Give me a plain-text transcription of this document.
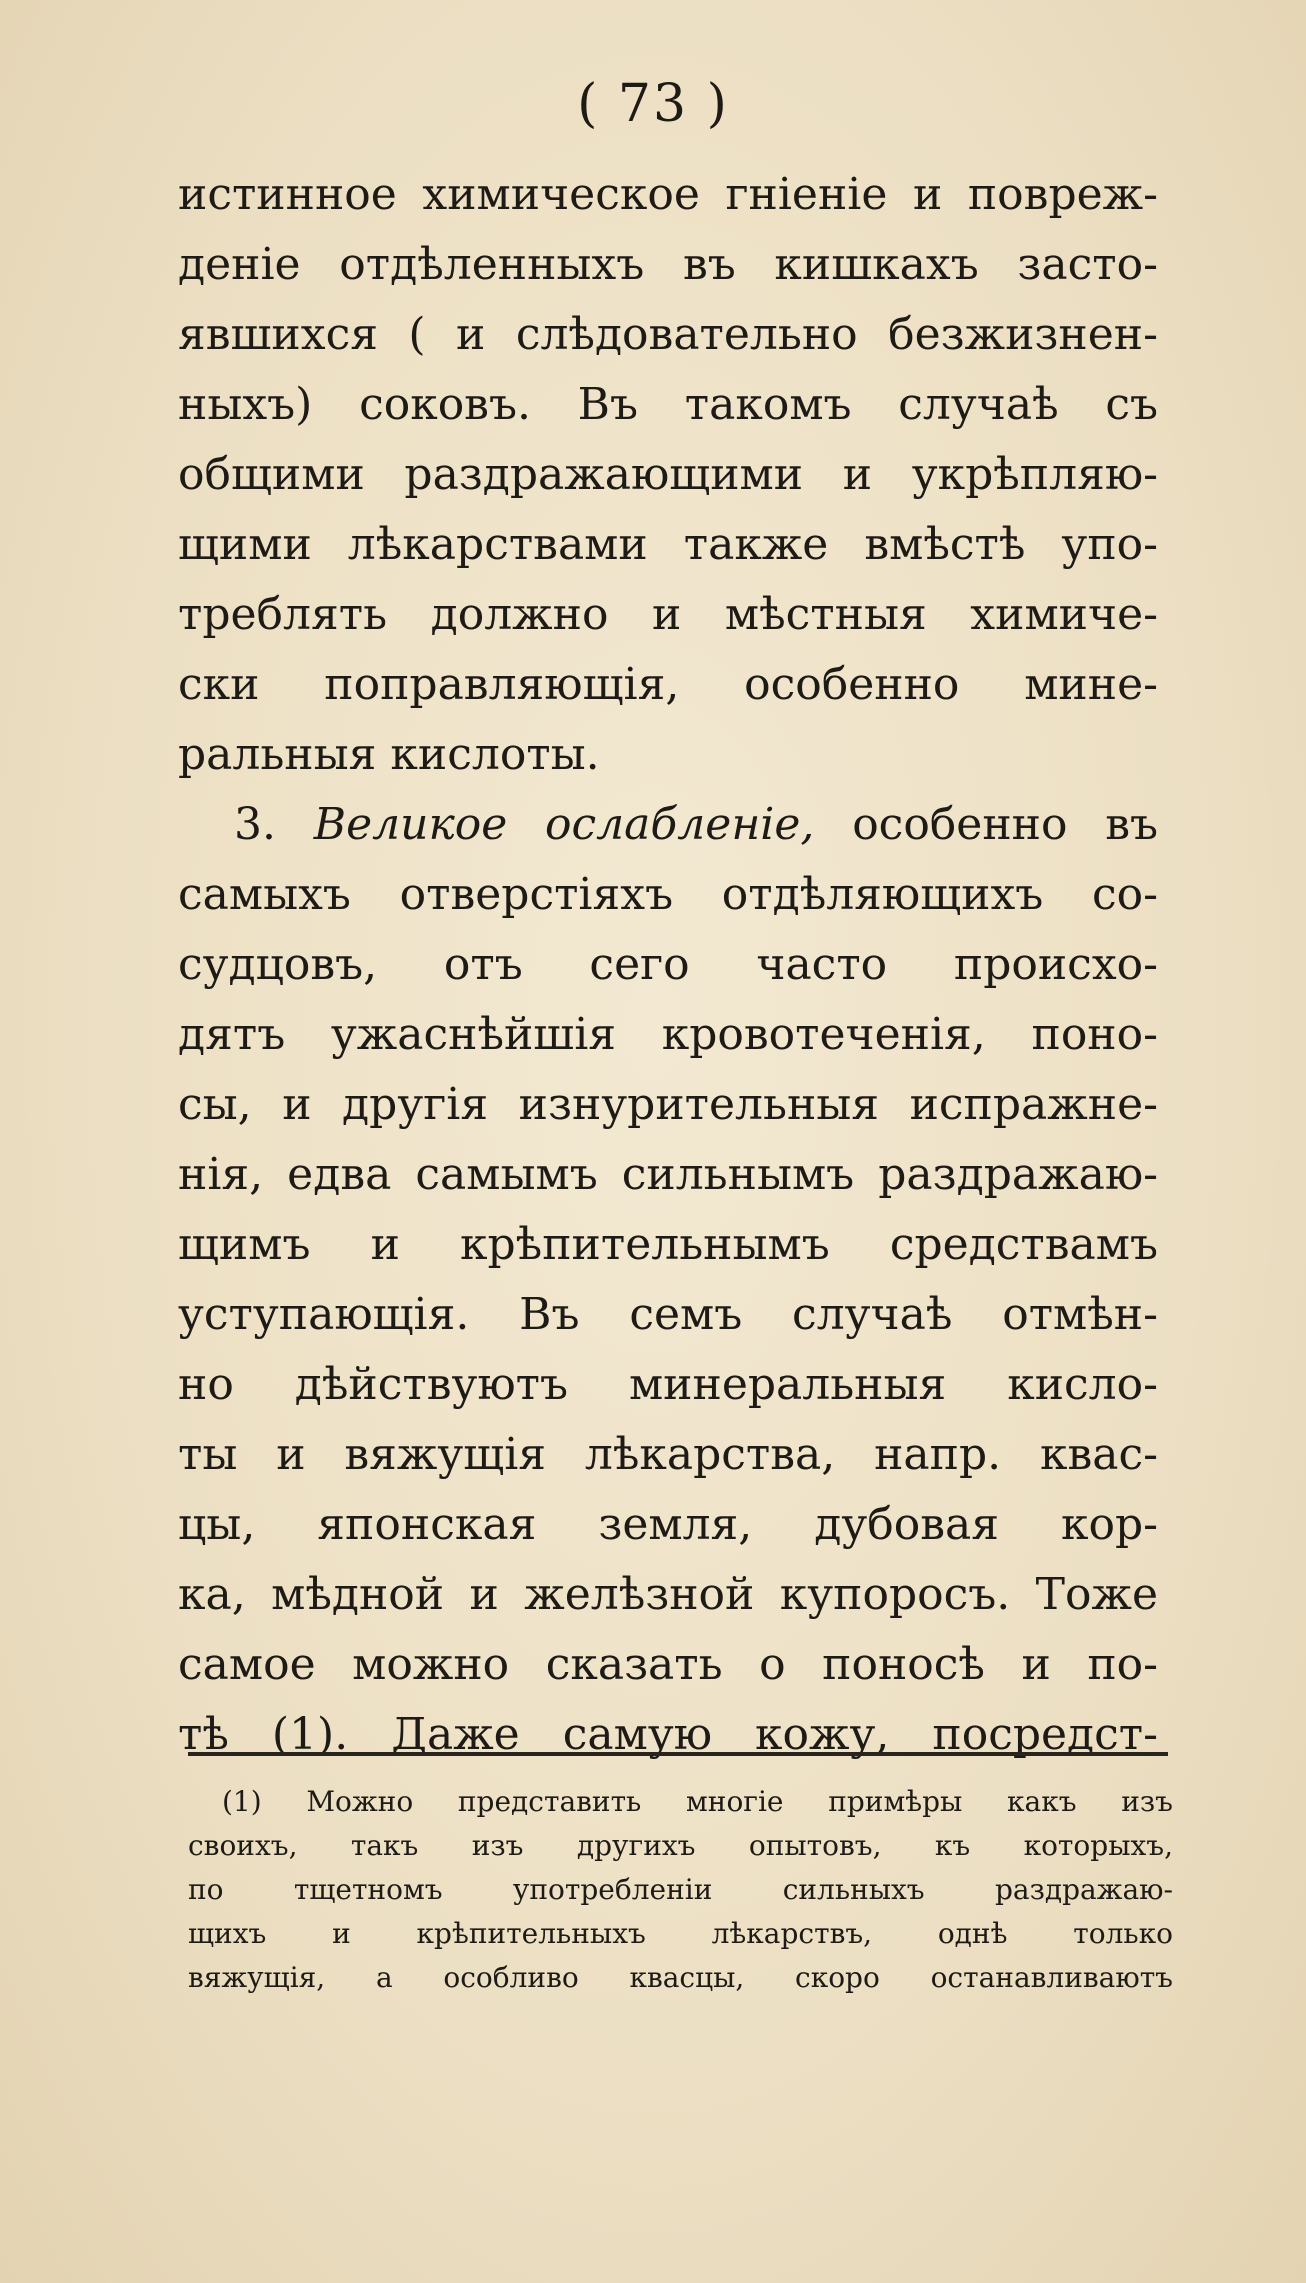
( 73 )
истинное химическое гніеніе и повреж-
деніе отдѣленныхъ въ кишкахъ засто-
явшихся ( и слѣдовательно безжизнен-
ныхъ) соковъ. Въ такомъ случаѣ съ
общими раздражающими и укрѣпляю-
щими лѣкарствами также вмѣстѣ упо-
треблять должно и мѣстныя химиче-
ски поправляющія, особенно мине-
ральныя кислоты.
3. Великое ослабленіе, особенно въ
самыхъ отверстіяхъ отдѣляющихъ со-
судцовъ, отъ сего часто происхо-
дятъ ужаснѣйшія кровотеченія, поно-
сы, и другія изнурительныя испражне-
нія, едва самымъ сильнымъ раздражаю-
щимъ и крѣпительнымъ средствамъ
уступающія. Въ семъ случаѣ отмѣн-
но дѣйствуютъ минеральныя кисло-
ты и вяжущія лѣкарства, напр. квас-
цы, японская земля, дубовая кор-
ка, мѣдной и желѣзной купоросъ. Тоже
самое можно сказать о поносѣ и по-
тѣ (1). Даже самую кожу, посредст-
(1) Можно представить многіе примѣры какъ изъ
своихъ, такъ изъ другихъ опытовъ, къ которыхъ,
по тщетномъ употребленіи сильныхъ раздражаю-
щихъ и крѣпительныхъ лѣкарствъ, однѣ только
вяжущія, а особливо квасцы, скоро останавливаютъ
